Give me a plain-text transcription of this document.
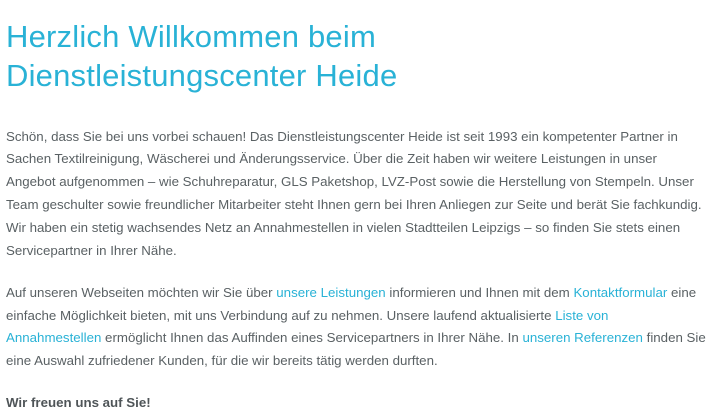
Herzlich Willkommen beim
Dienstleistungscenter Heide

Schön, dass Sie bei uns vorbei schauen! Das Dienstleistungscenter Heide ist seit 1993 ein kompetenter Partner in Sachen Textilreinigung, Wäscherei und Änderungsservice. Über die Zeit haben wir weitere Leistungen in unser Angebot aufgenommen – wie Schuhreparatur, GLS Paketshop, LVZ-Post sowie die Herstellung von Stempeln. Unser Team geschulter sowie freundlicher Mitarbeiter steht Ihnen gern bei Ihren Anliegen zur Seite und berät Sie fachkundig. Wir haben ein stetig wachsendes Netz an Annahmestellen in vielen Stadtteilen Leipzigs – so finden Sie stets einen Servicepartner in Ihrer Nähe.

Auf unseren Webseiten möchten wir Sie über unsere Leistungen informieren und Ihnen mit dem Kontaktformular eine einfache Möglichkeit bieten, mit uns Verbindung auf zu nehmen. Unsere laufend aktualisierte Liste von Annahmestellen ermöglicht Ihnen das Auffinden eines Servicepartners in Ihrer Nähe. In unseren Referenzen finden Sie eine Auswahl zufriedener Kunden, für die wir bereits tätig werden durften.

Wir freuen uns auf Sie!
